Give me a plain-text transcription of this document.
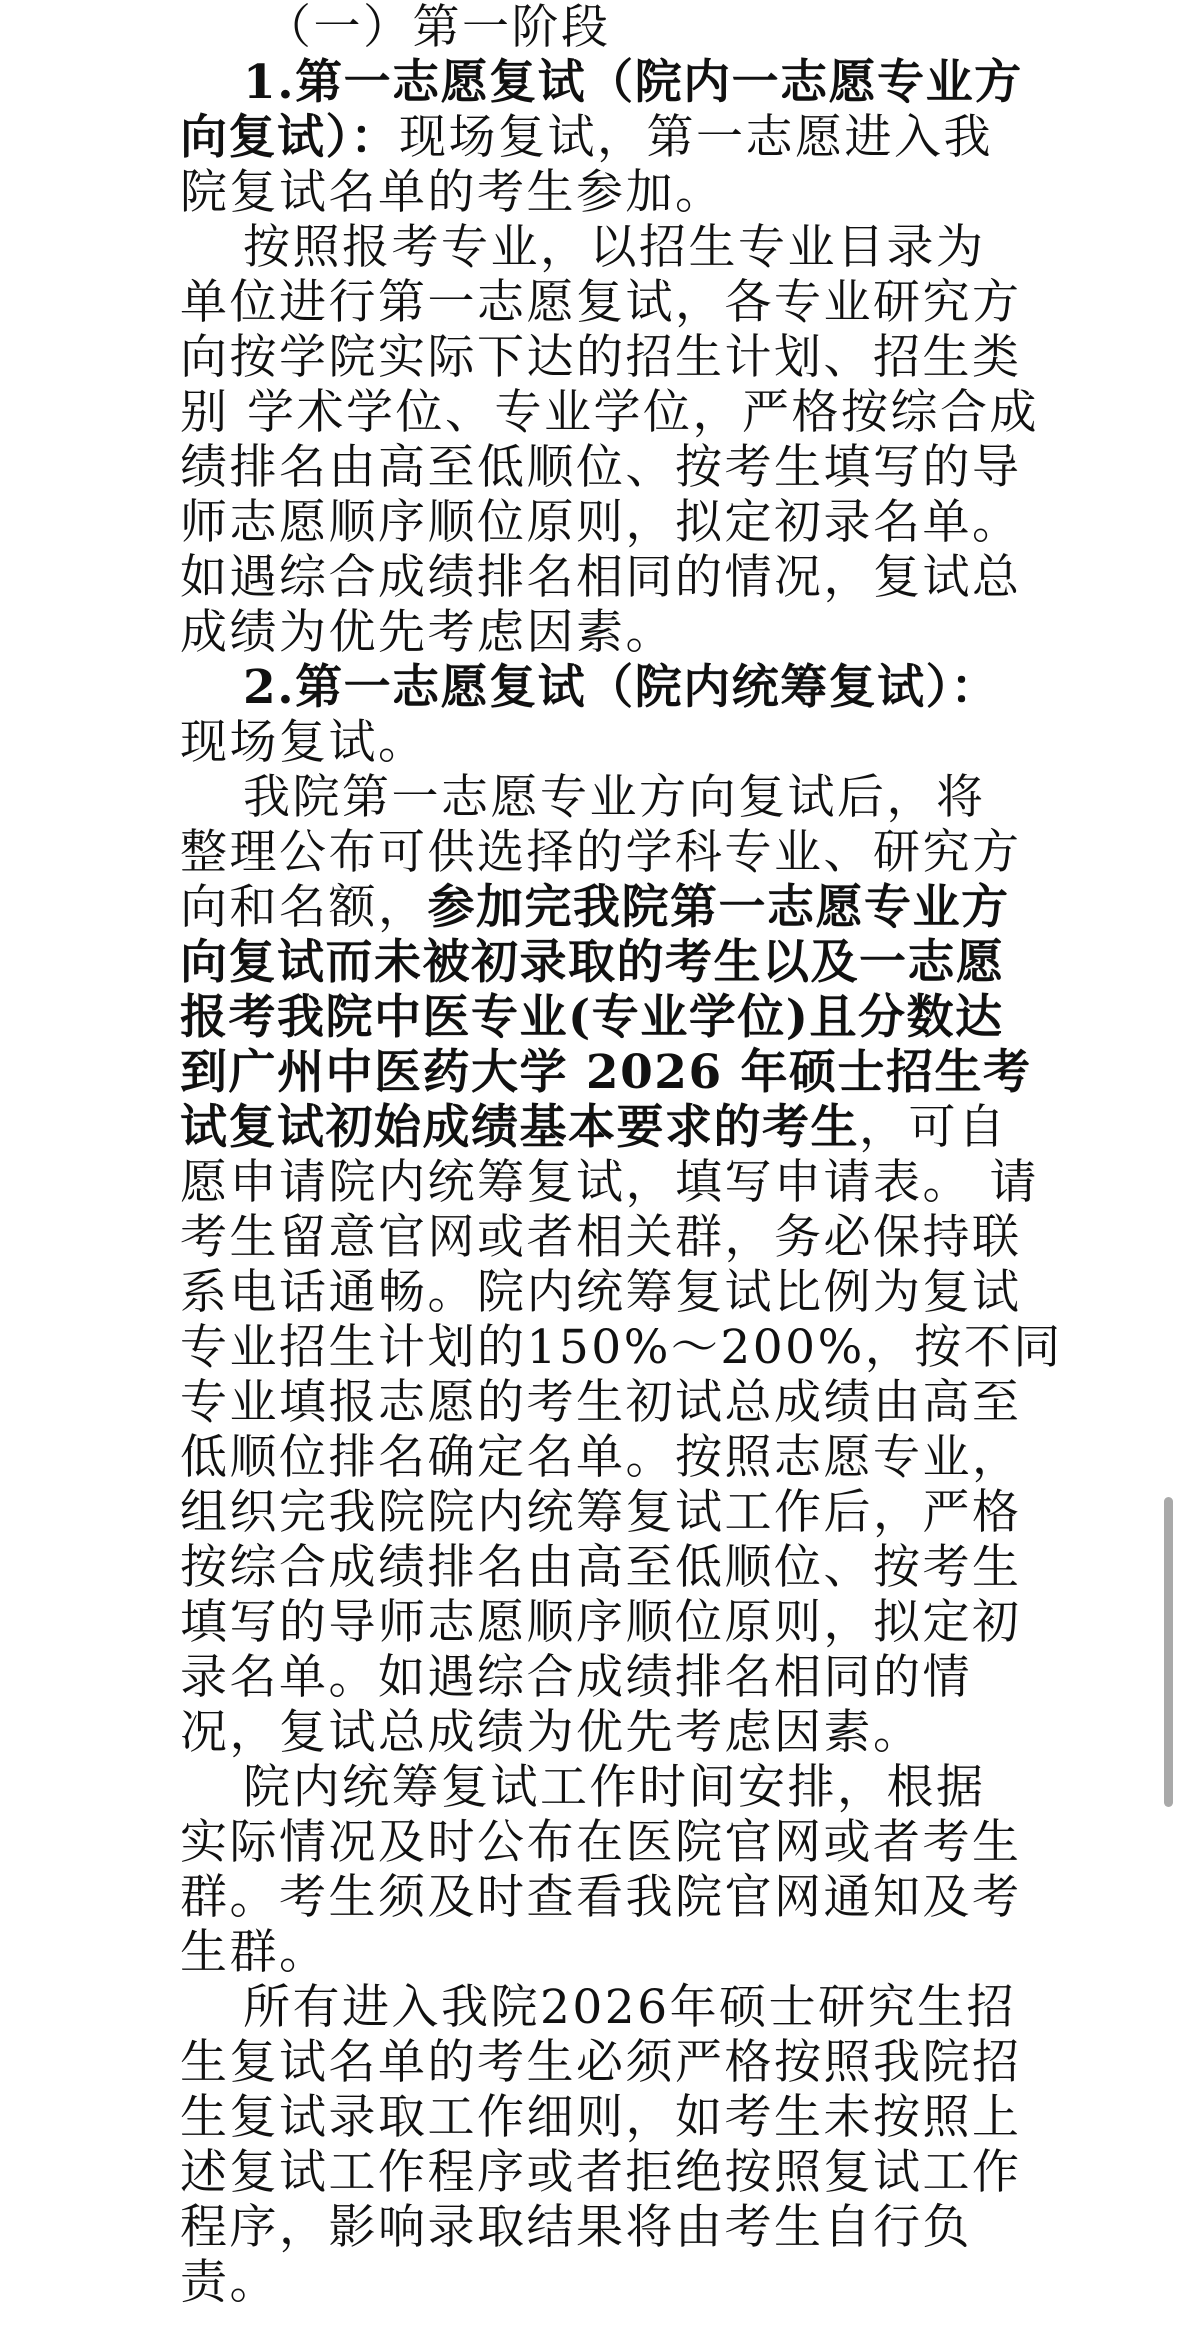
（一）第一阶段
1.第一志愿复试（院内一志愿专业方
向复试）：现场复试，第一志愿进入我
院复试名单的考生参加。
按照报考专业，以招生专业目录为
单位进行第一志愿复试，各专业研究方
向按学院实际下达的招生计划、招生类
别 学术学位、专业学位，严格按综合成
绩排名由高至低顺位、按考生填写的导
师志愿顺序顺位原则，拟定初录名单。
如遇综合成绩排名相同的情况，复试总
成绩为优先考虑因素。
2.第一志愿复试（院内统筹复试）：
现场复试。
我院第一志愿专业方向复试后，将
整理公布可供选择的学科专业、研究方
向和名额，参加完我院第一志愿专业方
向复试而未被初录取的考生以及一志愿
报考我院中医专业(专业学位)且分数达
到广州中医药大学 2026 年硕士招生考
试复试初始成绩基本要求的考生，可自
愿申请院内统筹复试，填写申请表。 请
考生留意官网或者相关群，务必保持联
系电话通畅。院内统筹复试比例为复试
专业招生计划的150%～200%，按不同
专业填报志愿的考生初试总成绩由高至
低顺位排名确定名单。按照志愿专业，
组织完我院院内统筹复试工作后，严格
按综合成绩排名由高至低顺位、按考生
填写的导师志愿顺序顺位原则，拟定初
录名单。如遇综合成绩排名相同的情
况，复试总成绩为优先考虑因素。
院内统筹复试工作时间安排，根据
实际情况及时公布在医院官网或者考生
群。考生须及时查看我院官网通知及考
生群。
所有进入我院2026年硕士研究生招
生复试名单的考生必须严格按照我院招
生复试录取工作细则，如考生未按照上
述复试工作程序或者拒绝按照复试工作
程序，影响录取结果将由考生自行负
责。
